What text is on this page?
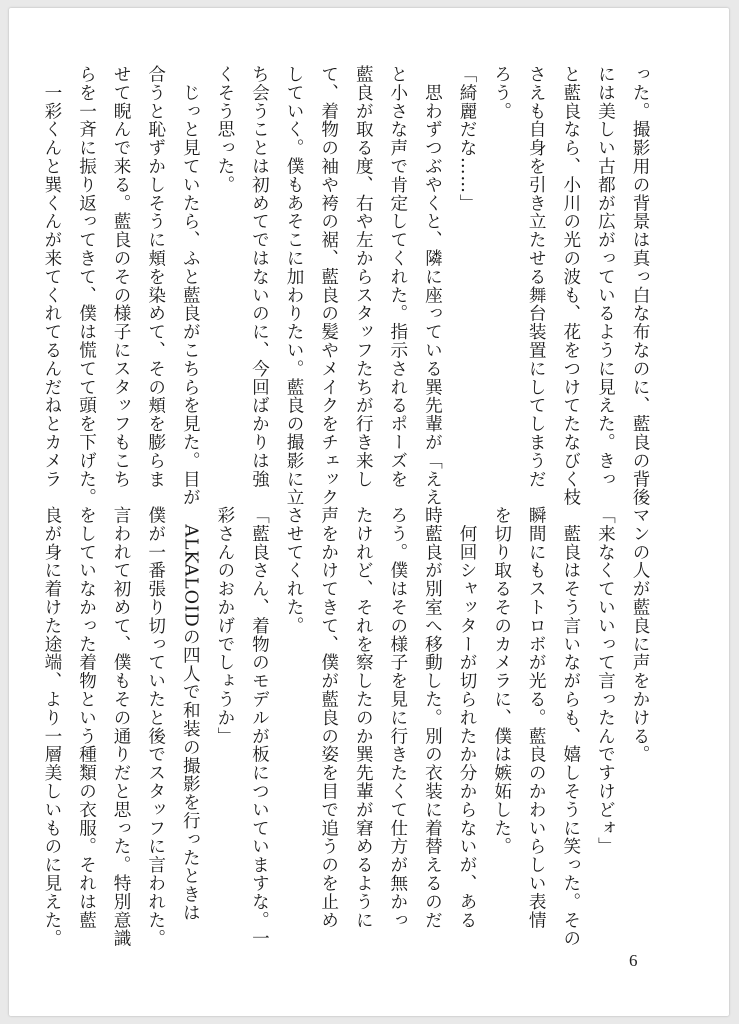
った。撮影用の背景は真っ白な布なのに、藍良の背後
には美しい古都が広がっているように見えた。きっ
と藍良なら、小川の光の波も、花をつけてたなびく枝
さえも自身を引き立たせる舞台装置にしてしまうだ
ろう。
「綺麗だな……」
　思わずつぶやくと、隣に座っている巽先輩が「ええ
と小さな声で肯定してくれた。指示されるポーズを
藍良が取る度、右や左からスタッフたちが行き来し
て、着物の袖や袴の裾、藍良の髪やメイクをチェック
していく。僕もあそこに加わりたい。藍良の撮影に立
ち会うことは初めてではないのに、今回ばかりは強
くそう思った。
　じっと見ていたら、ふと藍良がこちらを見た。目が
合うと恥ずかしそうに頬を染めて、その頬を膨らま
せて睨んで来る。藍良のその様子にスタッフもこち
らを一斉に振り返ってきて、僕は慌てて頭を下げた。
　一彩くんと巽くんが来てくれてるんだねとカメラ
マンの人が藍良に声をかける。
「来なくていいって言ったんですけどォ」
　藍良はそう言いながらも、嬉しそうに笑った。その
瞬間にもストロボが光る。藍良のかわいらしい表情
を切り取るそのカメラに、僕は嫉妬した。
　何回シャッターが切られたか分からないが、ある
時藍良が別室へ移動した。別の衣装に着替えるのだ
ろう。僕はその様子を見に行きたくて仕方が無かっ
たけれど、それを察したのか巽先輩が窘めるように
声をかけてきて、僕が藍良の姿を目で追うのを止め
させてくれた。
「藍良さん、着物のモデルが板についていますな。一
彩さんのおかげでしょうか」
　ALKALOIDの四人で和装の撮影を行ったときは
僕が一番張り切っていたと後でスタッフに言われた。
言われて初めて、僕もその通りだと思った。特別意識
をしていなかった着物という種類の衣服。それは藍
良が身に着けた途端、より一層美しいものに見えた。
6
